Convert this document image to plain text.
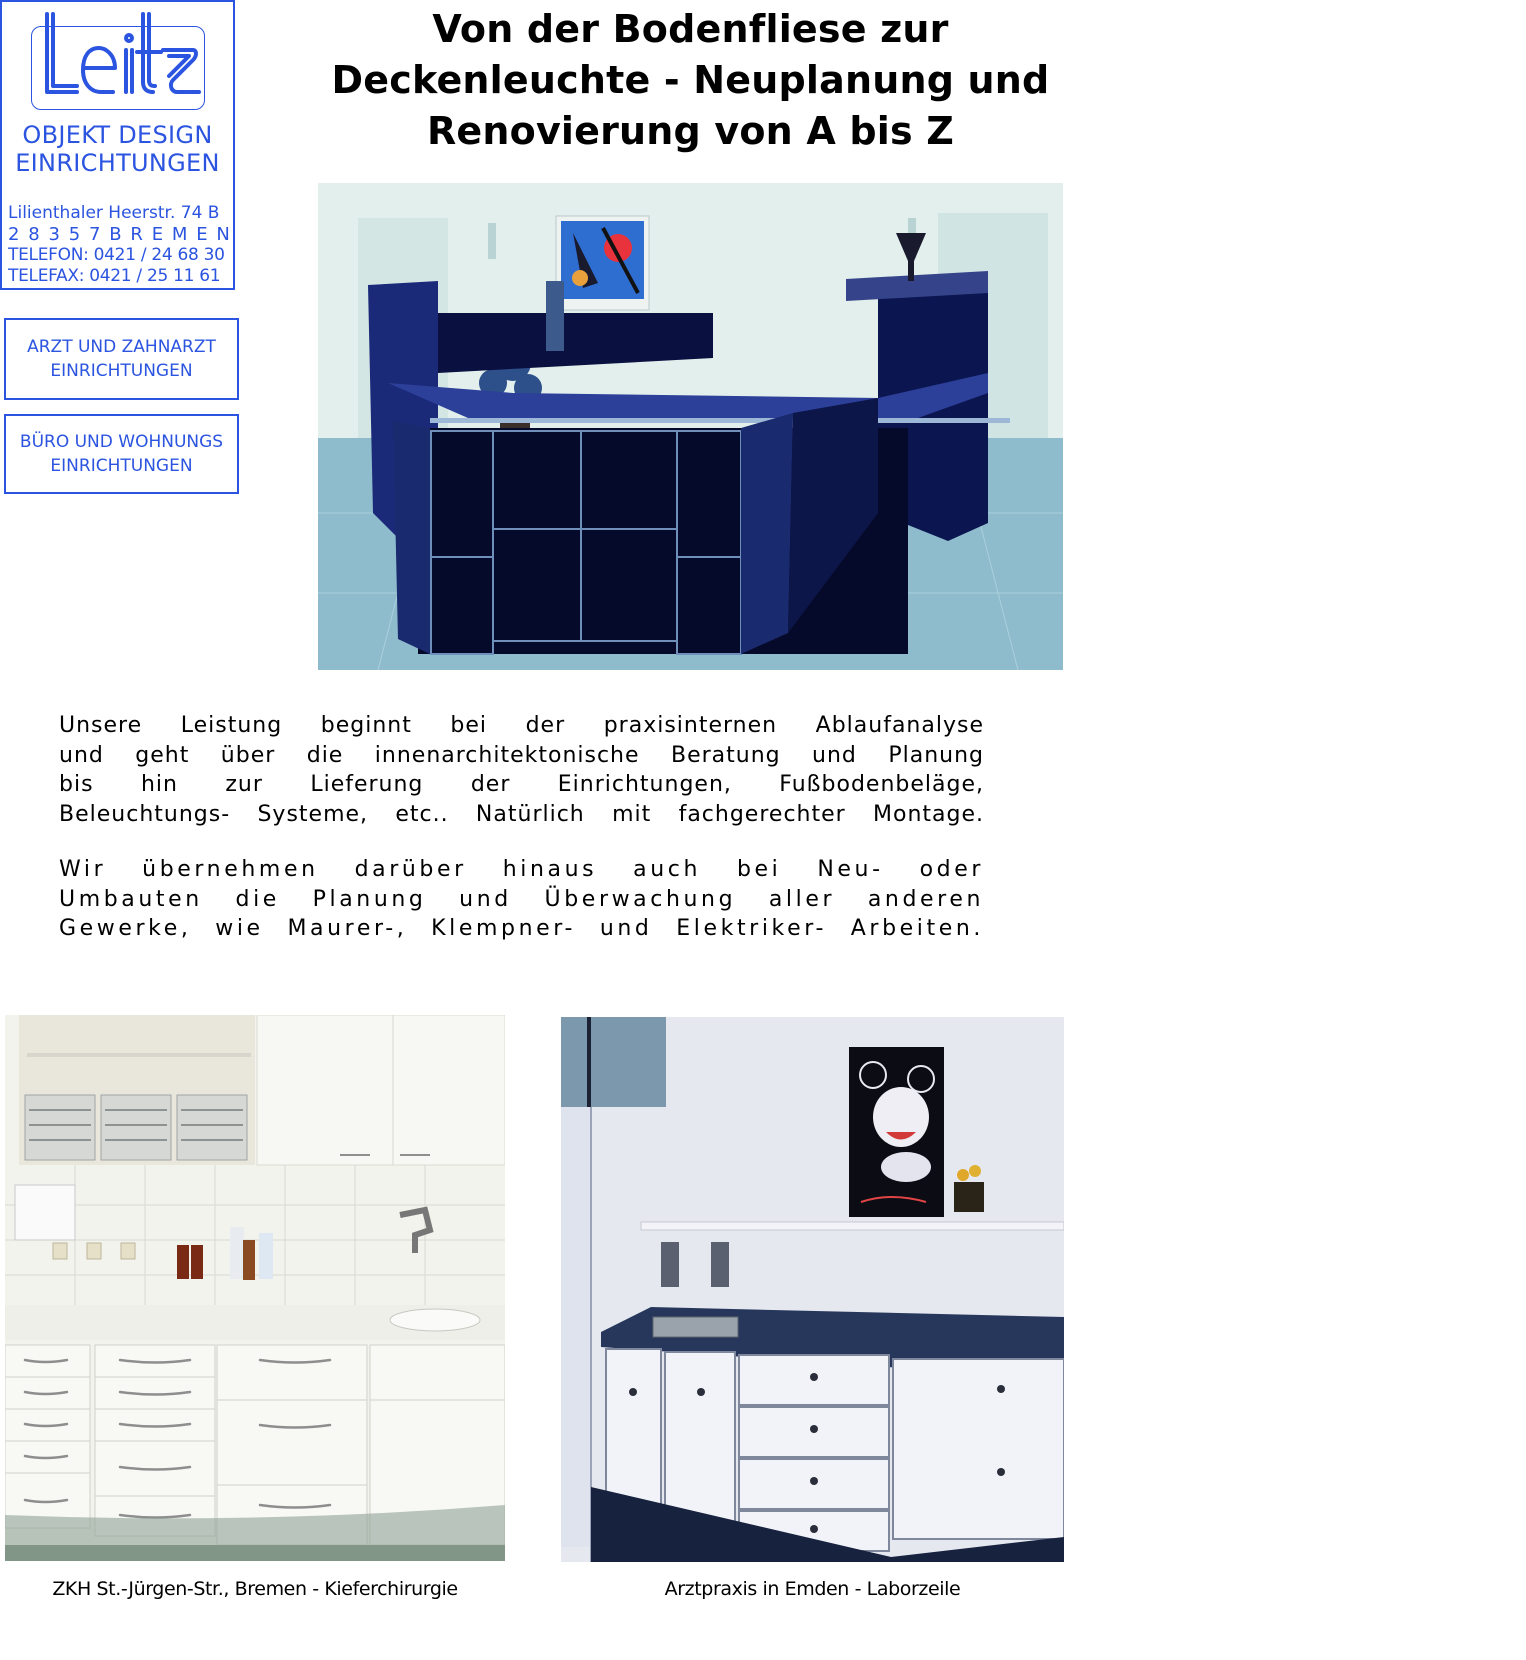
OBJEKT DESIGN
EINRICHTUNGEN
Lilienthaler Heerstr. 74 B
2 8 3 5 7 B R E M E N
TELEFON: 0421 / 24 68 30
TELEFAX: 0421 / 25 11 61
ARZT UND ZAHNARZT
EINRICHTUNGEN
BÜRO UND WOHNUNGS
EINRICHTUNGEN
Von der Bodenfliese zur
Deckenleuchte - Neuplanung und
Renovierung von A bis Z
Unsere Leistung beginnt bei der praxisinternen Ablaufanalyse
und geht über die innenarchitektonische Beratung und Planung
bis hin zur Lieferung der Einrichtungen, Fußbodenbeläge,
Beleuchtungs- Systeme, etc.. Natürlich mit fachgerechter Montage.
Wir übernehmen darüber hinaus auch bei Neu- oder
Umbauten die Planung und Überwachung aller anderen
Gewerke, wie Maurer-, Klempner- und Elektriker- Arbeiten.
ZKH St.-Jürgen-Str., Bremen - Kieferchirurgie	Arztpraxis in Emden - Laborzeile
